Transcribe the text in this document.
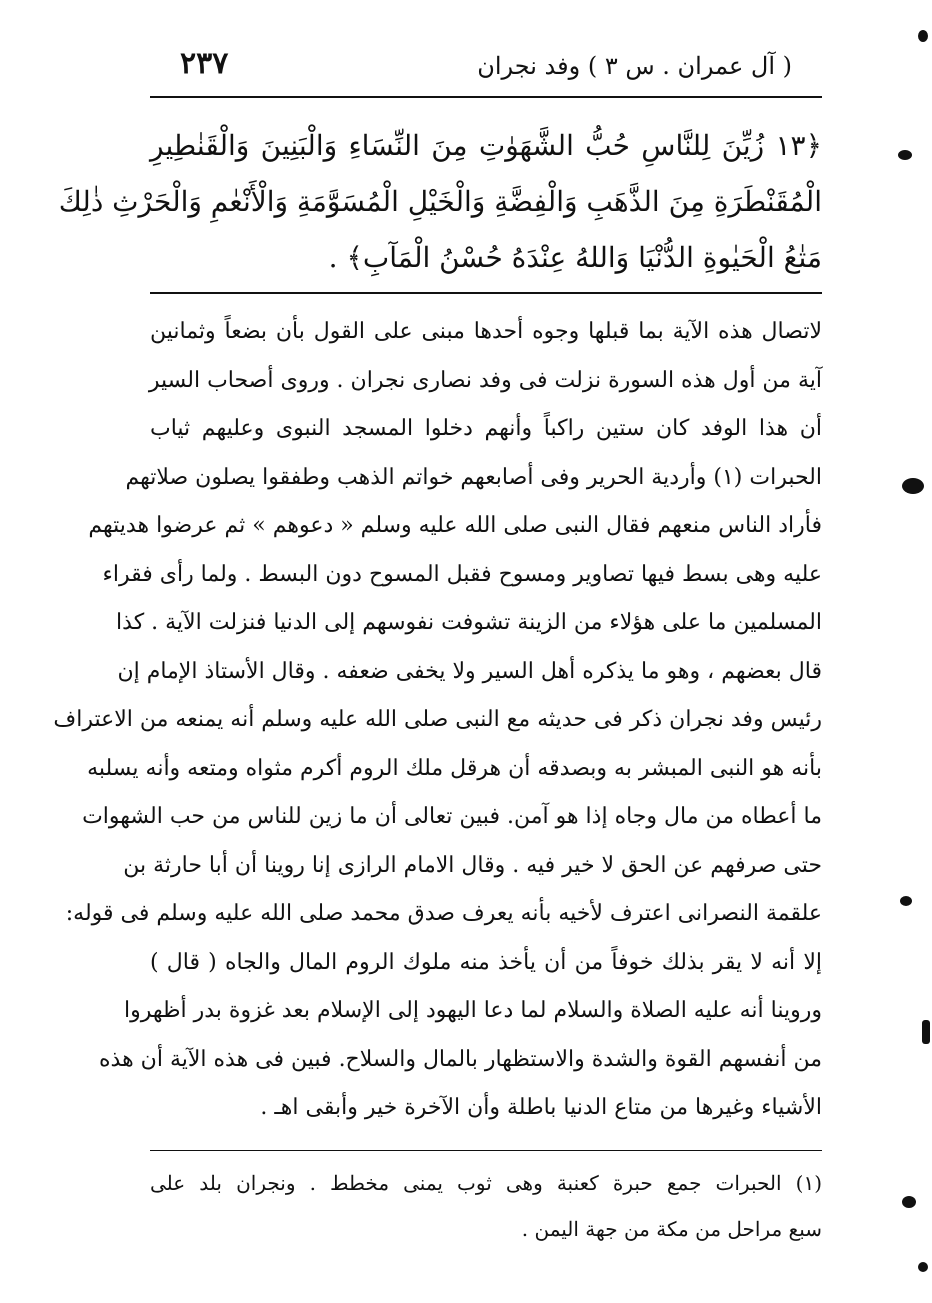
٢٣٧	( آل عمران . س ٣ ) وفد نجران
﴿١٣ زُيِّنَ لِلنَّاسِ حُبُّ الشَّهَوٰتِ مِنَ النِّسَاءِ وَالْبَنِينَ وَالْقَنٰطِيرِ
الْمُقَنْطَرَةِ مِنَ الذَّهَبِ وَالْفِضَّةِ وَالْخَيْلِ الْمُسَوَّمَةِ وَالْأَنْعٰمِ وَالْحَرْثِ ذٰلِكَ
مَتٰعُ الْحَيٰوةِ الدُّنْيَا وَاللهُ عِنْدَهُ حُسْنُ الْمَآبِ﴾ .
لاتصال هذه الآية بما قبلها وجوه أحدها مبنى على القول بأن بضعاً وثمانين
آية من أول هذه السورة نزلت فى وفد نصارى نجران . وروى أصحاب السير
أن هذا الوفد كان ستين راكباً وأنهم دخلوا المسجد النبوى وعليهم ثياب
الحبرات (١) وأردية الحرير وفى أصابعهم خواتم الذهب وطفقوا يصلون صلاتهم
فأراد الناس منعهم فقال النبى صلى الله عليه وسلم « دعوهم » ثم عرضوا هديتهم
عليه وهى بسط فيها تصاوير ومسوح فقبل المسوح دون البسط . ولما رأى فقراء
المسلمين ما على هؤلاء من الزينة تشوفت نفوسهم إلى الدنيا فنزلت الآية . كذا
قال بعضهم ، وهو ما يذكره أهل السير ولا يخفى ضعفه . وقال الأستاذ الإمام إن
رئيس وفد نجران ذكر فى حديثه مع النبى صلى الله عليه وسلم أنه يمنعه من الاعتراف
بأنه هو النبى المبشر به وبصدقه أن هرقل ملك الروم أكرم مثواه ومتعه وأنه يسلبه
ما أعطاه من مال وجاه إذا هو آمن. فبين تعالى أن ما زين للناس من حب الشهوات
حتى صرفهم عن الحق لا خير فيه . وقال الامام الرازى إنا روينا أن أبا حارثة بن
علقمة النصرانى اعترف لأخيه بأنه يعرف صدق محمد صلى الله عليه وسلم فى قوله:
إلا أنه لا يقر بذلك خوفاً من أن يأخذ منه ملوك الروم المال والجاه ( قال )
وروينا أنه عليه الصلاة والسلام لما دعا اليهود إلى الإسلام بعد غزوة بدر أظهروا
من أنفسهم القوة والشدة والاستظهار بالمال والسلاح. فبين فى هذه الآية أن هذه
الأشياء وغيرها من متاع الدنيا باطلة وأن الآخرة خير وأبقى اهـ .
(١) الحبرات جمع حبرة كعنبة وهى ثوب يمنى مخطط . ونجران بلد على
سبع مراحل من مكة من جهة اليمن .
